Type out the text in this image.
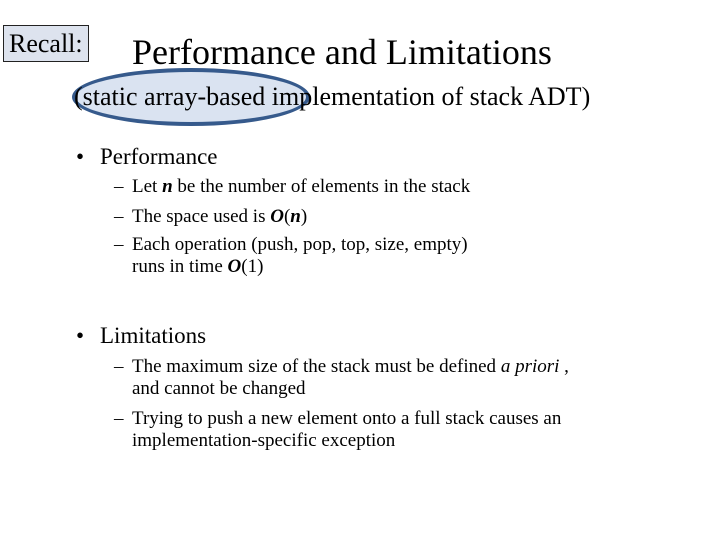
Recall: Performance and Limitations
(static array-based implementation of stack ADT)
• Performance
– Let n be the number of elements in the stack
– The space used is O(n)
– Each operation (push, pop, top, size, empty)
runs in time O(1)
• Limitations
– The maximum size of the stack must be defined a priori ,
and cannot be changed
– Trying to push a new element onto a full stack causes an
implementation-specific exception
